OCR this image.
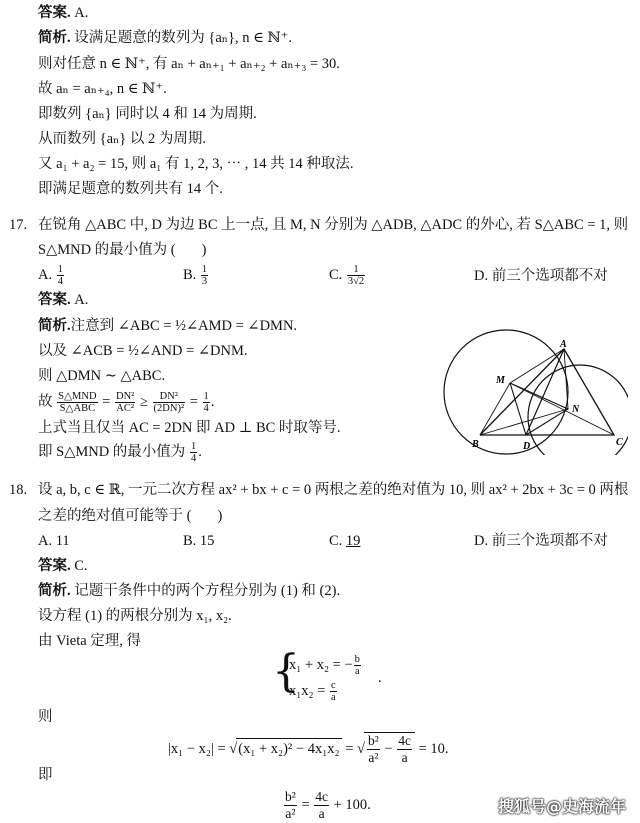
答案. A.
简析. 设满足题意的数列为 {aₙ}, n ∈ ℕ⁺.
则对任意 n ∈ ℕ⁺, 有 aₙ + aₙ₊₁ + aₙ₊₂ + aₙ₊₃ = 30.
故 aₙ = aₙ₊₄, n ∈ ℕ⁺.
即数列 {aₙ} 同时以 4 和 14 为周期.
从而数列 {aₙ} 以 2 为周期.
又 a₁ + a₂ = 15, 则 a₁ 有 1, 2, 3, ⋯ , 14 共 14 种取法.
即满足题意的数列共有 14 个.
17. 在锐角 △ABC 中, D 为边 BC 上一点, 且 M, N 分别为 △ADB, △ADC 的外心, 若 S△ABC = 1, 则
S△MND 的最小值为 ( )
A. $\frac{1}{4}$	B. $\frac{1}{3}$	C. $\frac{1}{3√2}$	D. 前三个选项都不对
答案. A.
简析.注意到 ∠ABC = ½∠AMD = ∠DMN.
以及 ∠ACB = ½∠AND = ∠DNM.
则 △DMN ∼ △ABC.
故 $\frac{\text{S△MND}}{\text{S△ABC}} = \frac{\text{DN²}}{\text{AC²}} \ge \frac{\text{DN²}}{\text{(2DN)²}} = \frac{1}{4}$ .
上式当且仅当 AC = 2DN 即 AD ⊥ BC 时取等号.
即 S△MND 的最小值为 $\frac{1}{4}$ .
A
B	C
D
M
N
18. 设 a, b, c ∈ ℝ, 一元二次方程 ax² + bx + c = 0 两根之差的绝对值为 10, 则 ax² + 2bx + 3c = 0 两根
之差的绝对值可能等于 ( )
A. 11	B. 15	C. 19	D. 前三个选项都不对
答案. C.
简析. 记题干条件中的两个方程分别为 (1) 和 (2).
设方程 (1) 的两根分别为 x₁, x₂.
由 Vieta 定理, 得
{
x₁ + x₂ = − $\frac{b}{a}$
$x_1x_2 = \frac{c}{a}$
.
则
|x₁ − x₂| = √(x₁ + x₂)² − 4x₁x₂ = √ $\frac{\text{b²}}{\text{a²}} - \frac{4c}{a} = 10$.
即
$\frac{\text{b²}}{\text{a²}} = \frac{4c}{a} + 100$.	搜狐号@史海流年
